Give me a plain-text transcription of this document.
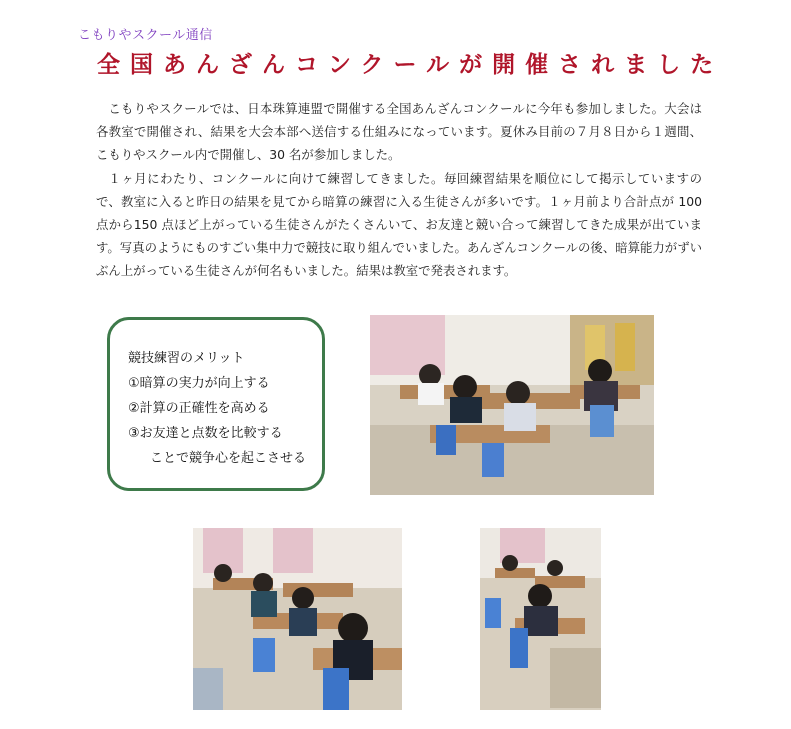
こもりやスクール通信
全国あんざんコンクールが開催されました

こもりやスクールでは、日本珠算連盟で開催する全国あんざんコンクールに今年も参加しました。大会は各教室で開催され、結果を大会本部へ送信する仕組みになっています。夏休み目前の７月８日から１週間、こもりやスクール内で開催し、30 名が参加しました。

１ヶ月にわたり、コンクールに向けて練習してきました。毎回練習結果を順位にして掲示していますので、教室に入ると昨日の結果を見てから暗算の練習に入る生徒さんが多いです。１ヶ月前より合計点が 100点から150 点ほど上がっている生徒さんがたくさんいて、お友達と競い合って練習してきた成果が出ています。写真のようにものすごい集中力で競技に取り組んでいました。あんざんコンクールの後、暗算能力がずいぶん上がっている生徒さんが何名もいました。結果は教室で発表されます。

競技練習のメリット
①暗算の実力が向上する
②計算の正確性を高める
③お友達と点数を比較する
ことで競争心を起こさせる
